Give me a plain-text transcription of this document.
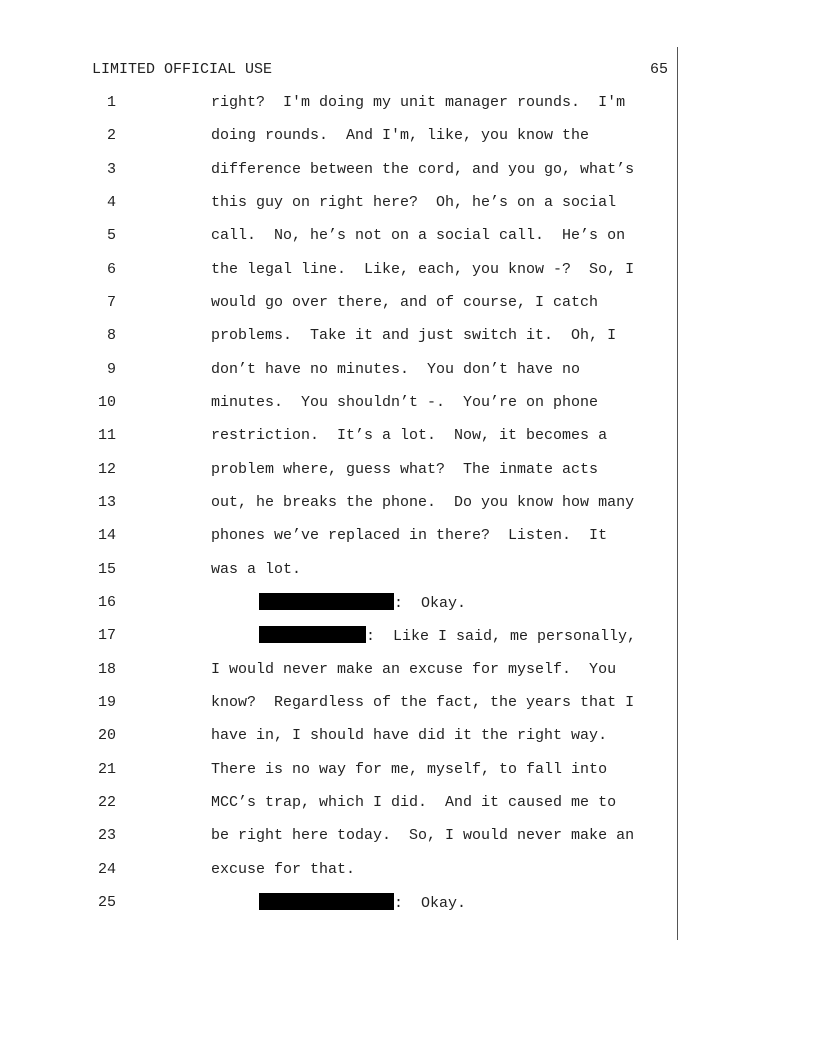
LIMITED OFFICIAL USE	65
1	right?  I'm doing my unit manager rounds.  I'm
2	doing rounds.  And I'm, like, you know the
3	difference between the cord, and you go, what’s
4	this guy on right here?  Oh, he’s on a social
5	call.  No, he’s not on a social call.  He’s on
6	the legal line.  Like, each, you know -?  So, I
7	would go over there, and of course, I catch
8	problems.  Take it and just switch it.  Oh, I
9	don’t have no minutes.  You don’t have no
10	minutes.  You shouldn’t -.  You’re on phone
11	restriction.  It’s a lot.  Now, it becomes a
12	problem where, guess what?  The inmate acts
13	out, he breaks the phone.  Do you know how many
14	phones we’ve replaced in there?  Listen.  It
15	was a lot.
16	:  Okay.
17	:  Like I said, me personally,
18	I would never make an excuse for myself.  You
19	know?  Regardless of the fact, the years that I
20	have in, I should have did it the right way.
21	There is no way for me, myself, to fall into
22	MCC’s trap, which I did.  And it caused me to
23	be right here today.  So, I would never make an
24	excuse for that.
25	:  Okay.
